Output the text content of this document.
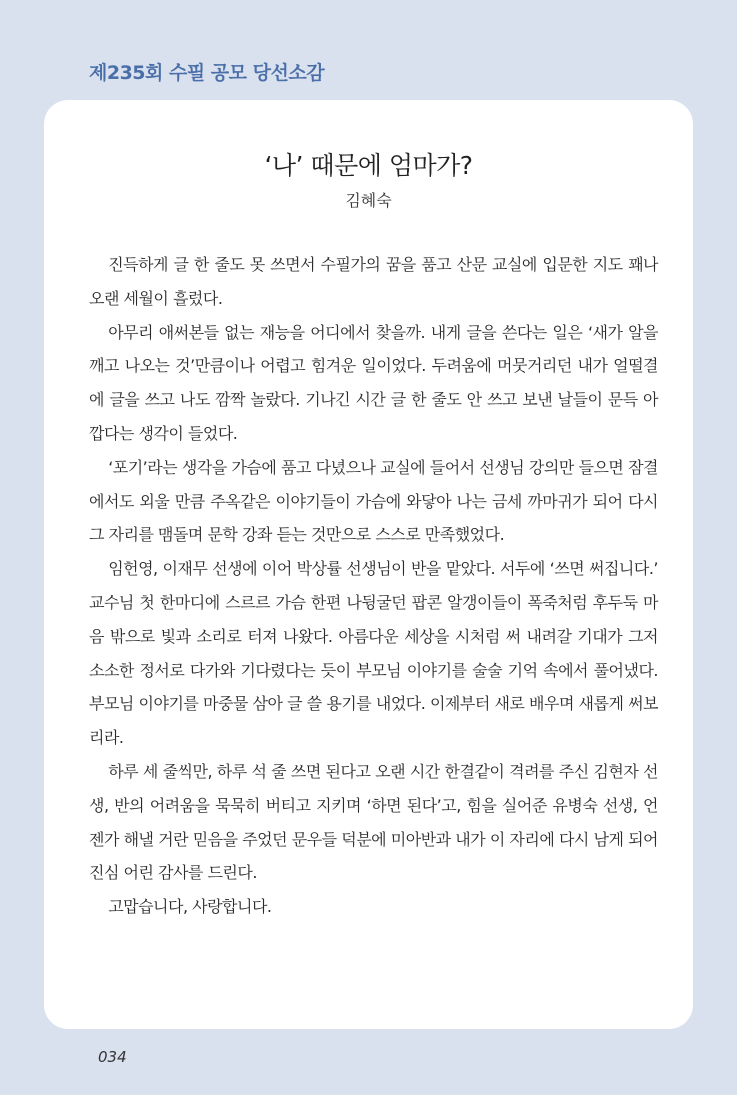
제235회 수필 공모 당선소감
‘나’ 때문에 엄마가?
김혜숙

진득하게 글 한 줄도 못 쓰면서 수필가의 꿈을 품고 산문 교실에 입문한 지도 꽤나 오랜 세월이 흘렀다.

아무리 애써본들 없는 재능을 어디에서 찾을까. 내게 글을 쓴다는 일은 ‘새가 알을 깨고 나오는 것’만큼이나 어렵고 힘겨운 일이었다. 두려움에 머뭇거리던 내가 얼떨결에 글을 쓰고 나도 깜짝 놀랐다. 기나긴 시간 글 한 줄도 안 쓰고 보낸 날들이 문득 아깝다는 생각이 들었다.

‘포기’라는 생각을 가슴에 품고 다녔으나 교실에 들어서 선생님 강의만 들으면 잠결에서도 외울 만큼 주옥같은 이야기들이 가슴에 와닿아 나는 금세 까마귀가 되어 다시 그 자리를 맴돌며 문학 강좌 듣는 것만으로 스스로 만족했었다.

임헌영, 이재무 선생에 이어 박상률 선생님이 반을 맡았다. 서두에 ‘쓰면 써집니다.’ 교수님 첫 한마디에 스르르 가슴 한편 나뒹굴던 팝콘 알갱이들이 폭죽처럼 후두둑 마음 밖으로 빛과 소리로 터져 나왔다. 아름다운 세상을 시처럼 써 내려갈 기대가 그저 소소한 정서로 다가와 기다렸다는 듯이 부모님 이야기를 술술 기억 속에서 풀어냈다. 부모님 이야기를 마중물 삼아 글 쓸 용기를 내었다. 이제부터 새로 배우며 새롭게 써보리라.

하루 세 줄씩만, 하루 석 줄 쓰면 된다고 오랜 시간 한결같이 격려를 주신 김현자 선생, 반의 어려움을 묵묵히 버티고 지키며 ‘하면 된다’고, 힘을 실어준 유병숙 선생, 언젠가 해낼 거란 믿음을 주었던 문우들 덕분에 미아반과 내가 이 자리에 다시 남게 되어 진심 어린 감사를 드린다.

고맙습니다, 사랑합니다.

034
